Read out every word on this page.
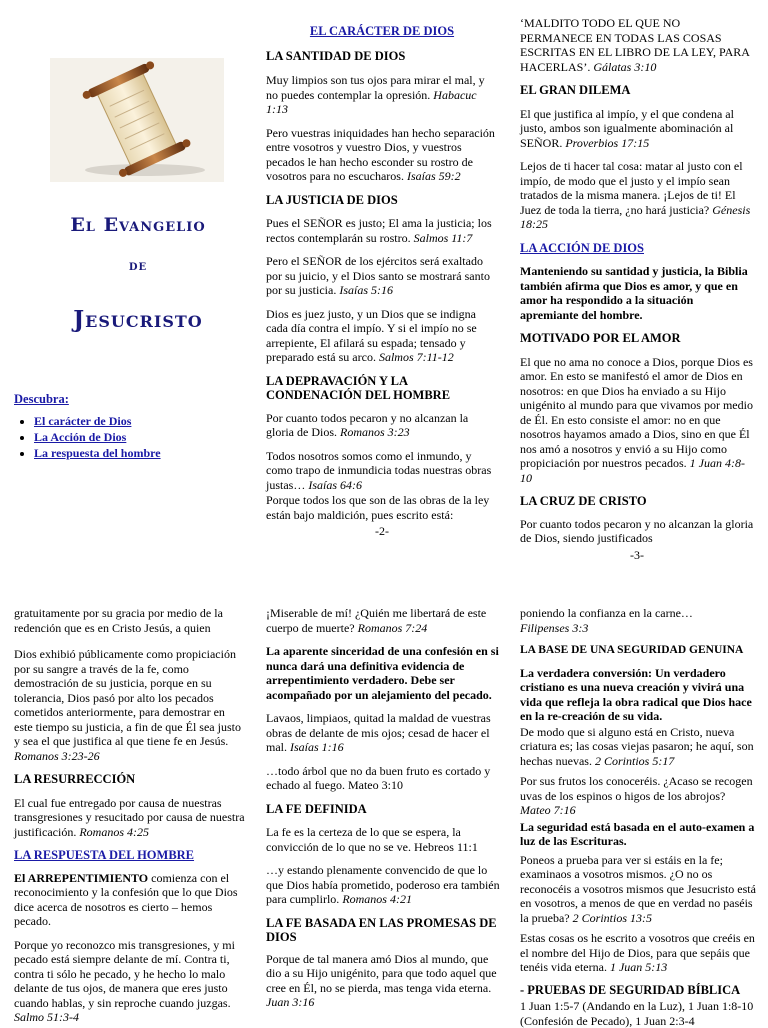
El Evangelio
de
Jesucristo
Descubra:
• El carácter de Dios
• La Acción de Dios
• La respuesta del hombre
EL CARÁCTER DE DIOS
LA SANTIDAD DE DIOS

Muy limpios son tus ojos para mirar el mal, y no puedes contemplar la opresión. Habacuc 1:13

Pero vuestras iniquidades han hecho separación entre vosotros y vuestro Dios, y vuestros pecados le han hecho esconder su rostro de vosotros para no escucharos. Isaías 59:2

LA JUSTICIA DE DIOS

Pues el SEÑOR es justo; El ama la justicia; los rectos contemplarán su rostro. Salmos 11:7

Pero el SEÑOR de los ejércitos será exaltado por su juicio, y el Dios santo se mostrará santo por su justicia. Isaías 5:16

Dios es juez justo, y un Dios que se indigna cada día contra el impío. Y si el impío no se arrepiente, El afilará su espada; tensado y preparado está su arco. Salmos 7:11-12

LA DEPRAVACIÓN Y LA CONDENACIÓN DEL HOMBRE

Por cuanto todos pecaron y no alcanzan la gloria de Dios. Romanos 3:23

Todos nosotros somos como el inmundo, y como trapo de inmundicia todas nuestras obras justas… Isaías 64:6

Porque todos los que son de las obras de la ley están bajo maldición, pues escrito está:

-2-

‘MALDITO TODO EL QUE NO PERMANECE EN TODAS LAS COSAS ESCRITAS EN EL LIBRO DE LA LEY, PARA HACERLAS’. Gálatas 3:10

EL GRAN DILEMA

El que justifica al impío, y el que condena al justo, ambos son igualmente abominación al SEÑOR. Proverbios 17:15

Lejos de ti hacer tal cosa: matar al justo con el impío, de modo que el justo y el impío sean tratados de la misma manera. ¡Lejos de ti! El Juez de toda la tierra, ¿no hará justicia? Génesis 18:25

LA ACCIÓN DE DIOS

Manteniendo su santidad y justicia, la Biblia también afirma que Dios es amor, y que en amor ha respondido a la situación apremiante del hombre.

MOTIVADO POR EL AMOR

El que no ama no conoce a Dios, porque Dios es amor. En esto se manifestó el amor de Dios en nosotros: en que Dios ha enviado a su Hijo unigénito al mundo para que vivamos por medio de Él. En esto consiste el amor: no en que nosotros hayamos amado a Dios, sino en que Él nos amó a nosotros y envió a su Hijo como propiciación por nuestros pecados. 1 Juan 4:8-10

LA CRUZ DE CRISTO

Por cuanto todos pecaron y no alcanzan la gloria de Dios, siendo justificados

-3-

gratuitamente por su gracia por medio de la redención que es en Cristo Jesús, a quien

Dios exhibió públicamente como propiciación por su sangre a través de la fe, como demostración de su justicia, porque en su tolerancia, Dios pasó por alto los pecados cometidos anteriormente, para demostrar en este tiempo su justicia, a fin de que Él sea justo y sea el que justifica al que tiene fe en Jesús. Romanos 3:23-26

LA RESURRECCIÓN

El cual fue entregado por causa de nuestras transgresiones y resucitado por causa de nuestra justificación. Romanos 4:25

LA RESPUESTA DEL HOMBRE

El ARREPENTIMIENTO comienza con el reconocimiento y la confesión que lo que Dios dice acerca de nosotros es cierto – hemos pecado.

Porque yo reconozco mis transgresiones, y mi pecado está siempre delante de mí. Contra ti, contra ti sólo he pecado, y he hecho lo malo delante de tus ojos, de manera que eres justo cuando hablas, y sin reproche cuando juzgas. Salmo 51:3-4

¡Miserable de mí! ¿Quién me libertará de este cuerpo de muerte? Romanos 7:24

La aparente sinceridad de una confesión en si nunca dará una definitiva evidencia de arrepentimiento verdadero. Debe ser acompañado por un alejamiento del pecado.

Lavaos, limpiaos, quitad la maldad de vuestras obras de delante de mis ojos; cesad de hacer el mal. Isaías 1:16

…todo árbol que no da buen fruto es cortado y echado al fuego. Mateo 3:10

LA FE DEFINIDA

La fe es la certeza de lo que se espera, la convicción de lo que no se ve. Hebreos 11:1

…y estando plenamente convencido de que lo que Dios había prometido, poderoso era también para cumplirlo. Romanos 4:21

LA FE BASADA EN LAS PROMESAS DE DIOS

Porque de tal manera amó Dios al mundo, que dio a su Hijo unigénito, para que todo aquel que cree en Él, no se pierda, mas tenga vida eterna. Juan 3:16

poniendo la confianza en la carne…
Filipenses 3:3

LA BASE DE UNA SEGURIDAD GENUINA

La verdadera conversión: Un verdadero cristiano es una nueva creación y vivirá una vida que refleja la obra radical que Dios hace en la re-creación de su vida.

De modo que si alguno está en Cristo, nueva criatura es; las cosas viejas pasaron; he aquí, son hechas nuevas. 2 Corintios 5:17

Por sus frutos los conoceréis. ¿Acaso se recogen uvas de los espinos o higos de los abrojos? Mateo 7:16

La seguridad está basada en el auto-examen a luz de las Escrituras.

Poneos a prueba para ver si estáis en la fe; examinaos a vosotros mismos. ¿O no os reconocéis a vosotros mismos que Jesucristo está en vosotros, a menos de que en verdad no paséis la prueba? 2 Corintios 13:5

Estas cosas os he escrito a vosotros que creéis en el nombre del Hijo de Dios, para que sepáis que tenéis vida eterna. 1 Juan 5:13

- PRUEBAS DE SEGURIDAD BÍBLICA

1 Juan 1:5-7 (Andando en la Luz), 1 Juan 1:8-10 (Confesión de Pecado), 1 Juan 2:3-4
